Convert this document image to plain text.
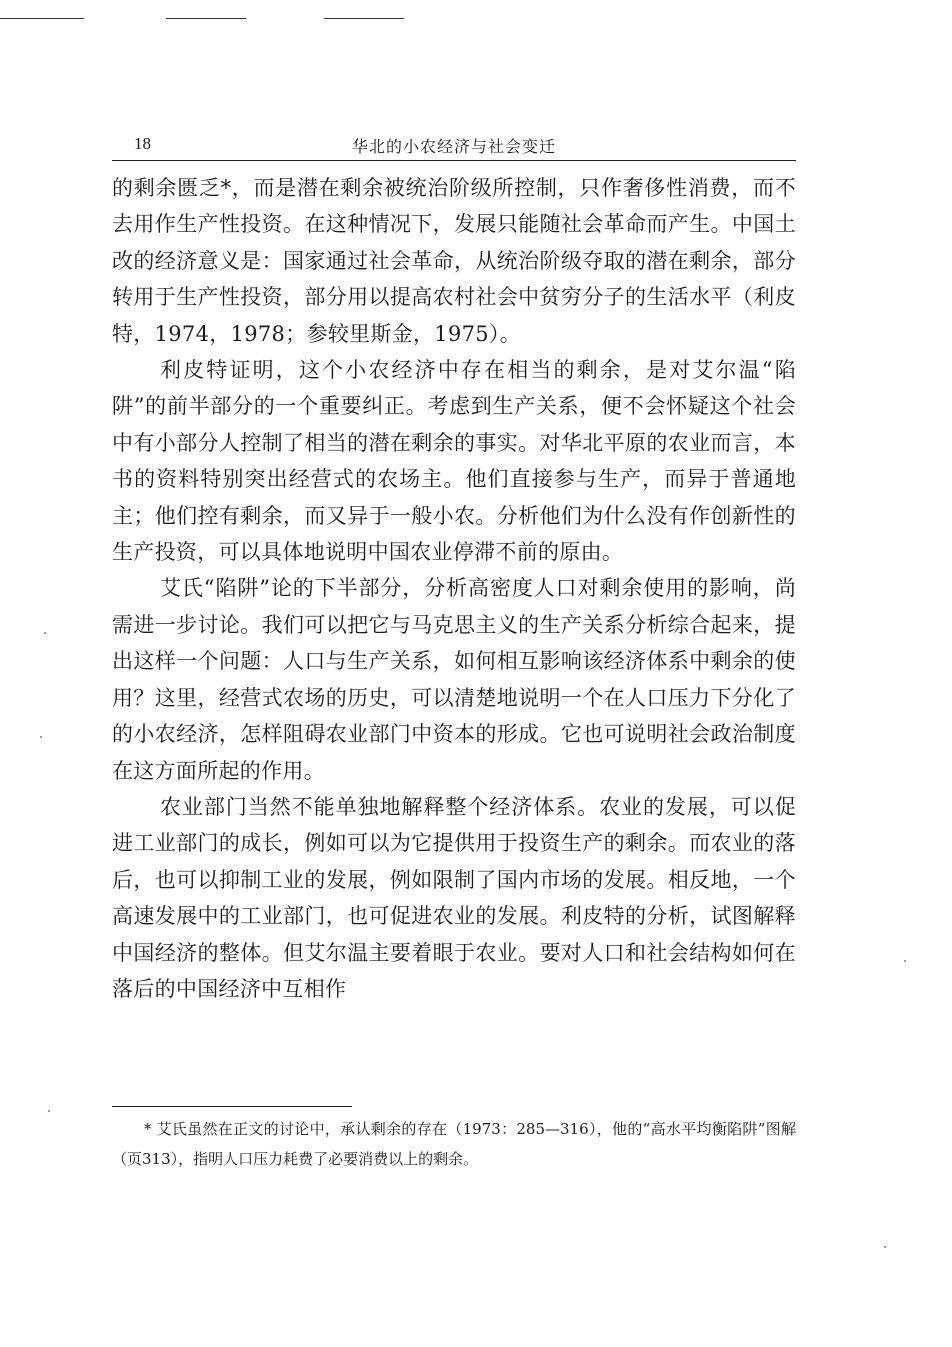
18	华北的小农经济与社会变迁

的剩余匮乏*，而是潜在剩余被统治阶级所控制，只作奢侈性消费，而不去用作生产性投资。在这种情况下，发展只能随社会革命而产生。中国土改的经济意义是：国家通过社会革命，从统治阶级夺取的潜在剩余，部分转用于生产性投资，部分用以提高农村社会中贫穷分子的生活水平（利皮特，1974，1978；参较里斯金，1975）。

利皮特证明，这个小农经济中存在相当的剩余，是对艾尔温“陷阱”的前半部分的一个重要纠正。考虑到生产关系，便不会怀疑这个社会中有小部分人控制了相当的潜在剩余的事实。对华北平原的农业而言，本书的资料特别突出经营式的农场主。他们直接参与生产，而异于普通地主；他们控有剩余，而又异于一般小农。分析他们为什么没有作创新性的生产投资，可以具体地说明中国农业停滞不前的原由。

艾氏“陷阱”论的下半部分，分析高密度人口对剩余使用的影响，尚需进一步讨论。我们可以把它与马克思主义的生产关系分析综合起来，提出这样一个问题：人口与生产关系，如何相互影响该经济体系中剩余的使用？这里，经营式农场的历史，可以清楚地说明一个在人口压力下分化了的小农经济，怎样阻碍农业部门中资本的形成。它也可说明社会政治制度在这方面所起的作用。

农业部门当然不能单独地解释整个经济体系。农业的发展，可以促进工业部门的成长，例如可以为它提供用于投资生产的剩余。而农业的落后，也可以抑制工业的发展，例如限制了国内市场的发展。相反地，一个高速发展中的工业部门，也可促进农业的发展。利皮特的分析，试图解释中国经济的整体。但艾尔温主要着眼于农业。要对人口和社会结构如何在落后的中国经济中互相作

* 艾氏虽然在正文的讨论中，承认剩余的存在（1973：285—316），他的“高水平均衡陷阱”图解（页313），指明人口压力耗费了必要消费以上的剩余。
